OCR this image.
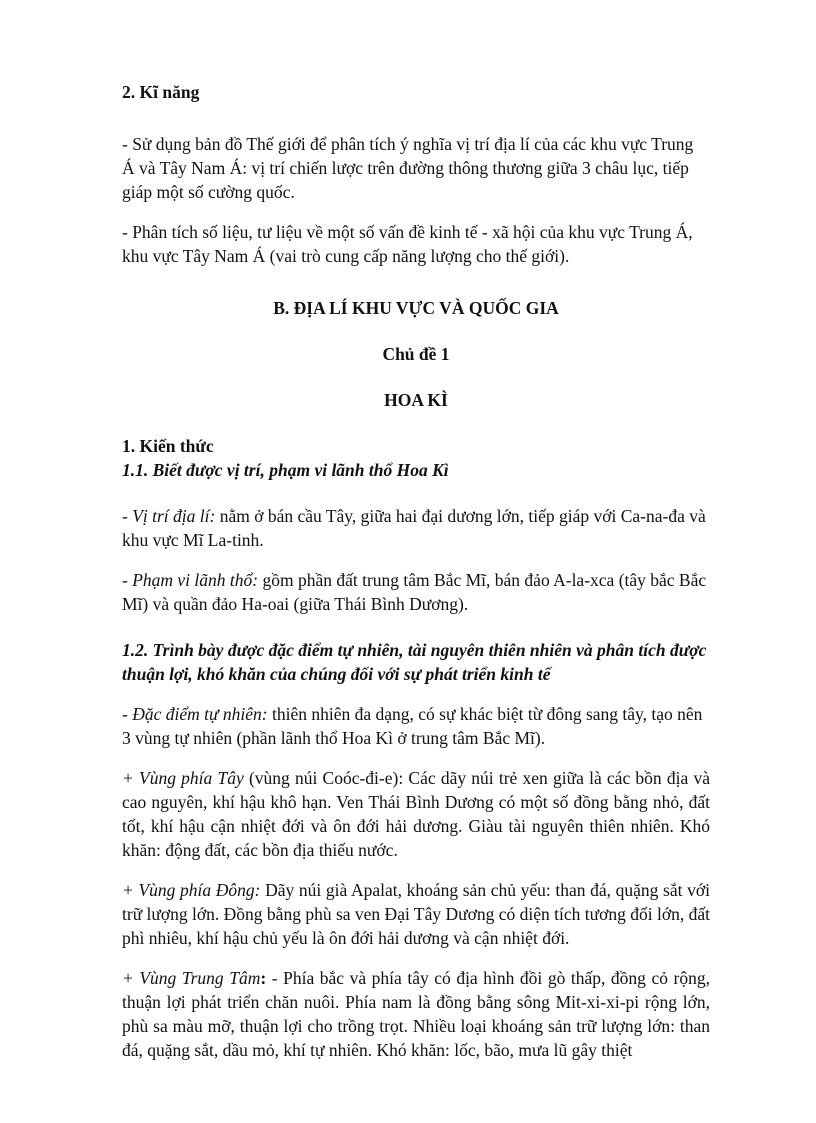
2. Kĩ năng

- Sử dụng bản đồ Thế giới để phân tích ý nghĩa vị trí địa lí của các khu vực Trung Á và Tây Nam Á: vị trí chiến lược trên đường thông thương giữa 3 châu lục, tiếp giáp một số cường quốc.

- Phân tích số liệu, tư liệu về một số vấn đề kinh tế - xã hội của khu vực Trung Á, khu vực Tây Nam Á (vai trò cung cấp năng lượng cho thế giới).

B. ĐỊA LÍ KHU VỰC VÀ QUỐC GIA

Chủ đề 1

HOA KÌ

1. Kiến thức

1.1. Biết được vị trí, phạm vi lãnh thổ Hoa Kì

- Vị trí địa lí: nằm ở bán cầu Tây, giữa hai đại dương lớn, tiếp giáp với Ca-na-đa và khu vực Mĩ La-tinh.

- Phạm vi lãnh thổ: gồm phần đất trung tâm Bắc Mĩ, bán đảo A-la-xca (tây bắc Bắc Mĩ) và quần đảo Ha-oai (giữa Thái Bình Dương).

1.2. Trình bày được đặc điểm tự nhiên, tài nguyên thiên nhiên và phân tích được thuận lợi, khó khăn của chúng đối với sự phát triển kinh tế

- Đặc điểm tự nhiên: thiên nhiên đa dạng, có sự khác biệt từ đông sang tây, tạo nên 3 vùng tự nhiên (phần lãnh thổ Hoa Kì ở trung tâm Bắc Mĩ).

+ Vùng phía Tây (vùng núi Coóc-đi-e): Các dãy núi trẻ xen giữa là các bồn địa và cao nguyên, khí hậu khô hạn. Ven Thái Bình Dương có một số đồng bằng nhỏ, đất tốt, khí hậu cận nhiệt đới và ôn đới hải dương. Giàu tài nguyên thiên nhiên. Khó khăn: động đất, các bồn địa thiếu nước.

+ Vùng phía Đông: Dãy núi già Apalat, khoáng sản chủ yếu: than đá, quặng sắt với trữ lượng lớn. Đồng bằng phù sa ven Đại Tây Dương có diện tích tương đối lớn, đất phì nhiêu, khí hậu chủ yếu là ôn đới hải dương và cận nhiệt đới.

+ Vùng Trung Tâm: - Phía bắc và phía tây có địa hình đồi gò thấp, đồng cỏ rộng, thuận lợi phát triển chăn nuôi. Phía nam là đồng bằng sông Mit-xi-xi-pi rộng lớn, phù sa màu mỡ, thuận lợi cho trồng trọt. Nhiều loại khoáng sản trữ lượng lớn: than đá, quặng sắt, dầu mỏ, khí tự nhiên. Khó khăn: lốc, bão, mưa lũ gây thiệt
